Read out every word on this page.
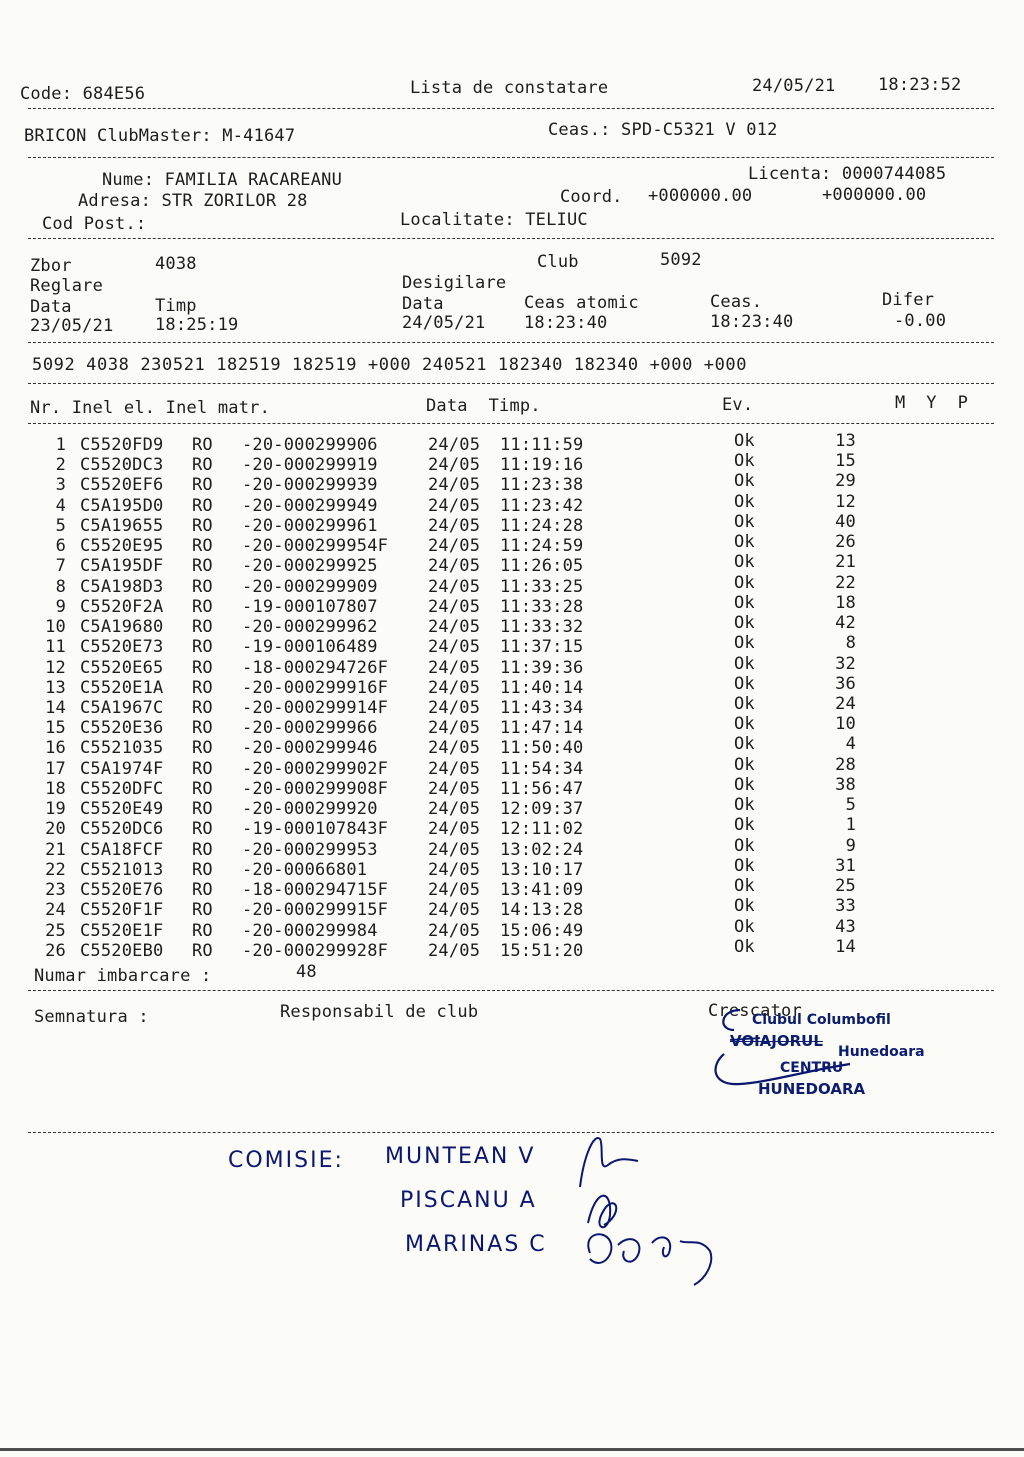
Code: 684E56	Lista de constatare	24/05/21	18:23:52
BRICON ClubMaster: M-41647	Ceas.: SPD-C5321 V 012
Nume: FAMILIA RACAREANU	Licenta: 0000744085
Adresa: STR ZORILOR 28	Coord. +000000.00	+000000.00
Cod Post.:	Localitate: TELIUC
Zbor	4038	Club	5092
Reglare	Desigilare
Data	Timp	Data	Ceas atomic	Ceas.	Difer
23/05/21 18:25:19	24/05/21 18:23:40	18:23:40	-0.00
5092 4038 230521 182519 182519 +000 240521 182340 182340 +000 +000
Nr. Inel el. Inel matr.	Data  Timp.	Ev.	M  Y  P
1 C5520FD9 RO -20-000299906	24/05 11:11:59	Ok	13
2 C5520DC3 RO -20-000299919	24/05 11:19:16	Ok	15
3 C5520EF6 RO -20-000299939	24/05 11:23:38	Ok	29
4 C5A195D0 RO -20-000299949	24/05 11:23:42	Ok	12
5 C5A19655 RO -20-000299961	24/05 11:24:28	Ok	40
6 C5520E95 RO -20-000299954F 24/05 11:24:59	Ok	26
7 C5A195DF RO -20-000299925	24/05 11:26:05	Ok	21
8 C5A198D3 RO -20-000299909	24/05 11:33:25	Ok	22
9 C5520F2A RO -19-000107807	24/05 11:33:28	Ok	18
10 C5A19680 RO -20-000299962	24/05 11:33:32	Ok	42
11 C5520E73 RO -19-000106489	24/05 11:37:15	Ok	8
12 C5520E65 RO -18-000294726F 24/05 11:39:36	Ok	32
13 C5520E1A RO -20-000299916F 24/05 11:40:14	Ok	36
14 C5A1967C RO -20-000299914F 24/05 11:43:34	Ok	24
15 C5520E36 RO -20-000299966	24/05 11:47:14	Ok	10
16 C5521035 RO -20-000299946	24/05 11:50:40	Ok	4
17 C5A1974F RO -20-000299902F 24/05 11:54:34	Ok	28
18 C5520DFC RO -20-000299908F 24/05 11:56:47	Ok	38
19 C5520E49 RO -20-000299920	24/05 12:09:37	Ok	5
20 C5520DC6 RO -19-000107843F 24/05 12:11:02	Ok	1
21 C5A18FCF RO -20-000299953	24/05 13:02:24	Ok	9
22 C5521013 RO -20-00066801	24/05 13:10:17	Ok	31
23 C5520E76 RO -18-000294715F 24/05 13:41:09	Ok	25
24 C5520F1F RO -20-000299915F 24/05 14:13:28	Ok	33
25 C5520E1F RO -20-000299984	24/05 15:06:49	Ok	43
26 C5520EB0 RO -20-000299928F 24/05 15:51:20	Ok	14
Numar imbarcare :	48
Semnatura :	Responsabil de club	Crescator
Clubul Columbofil
VOIAJORUL
Hunedoara
CENTRU
HUNEDOARA
COMISIE: MUNTEAN V
PISCANU A
MARINAS C
